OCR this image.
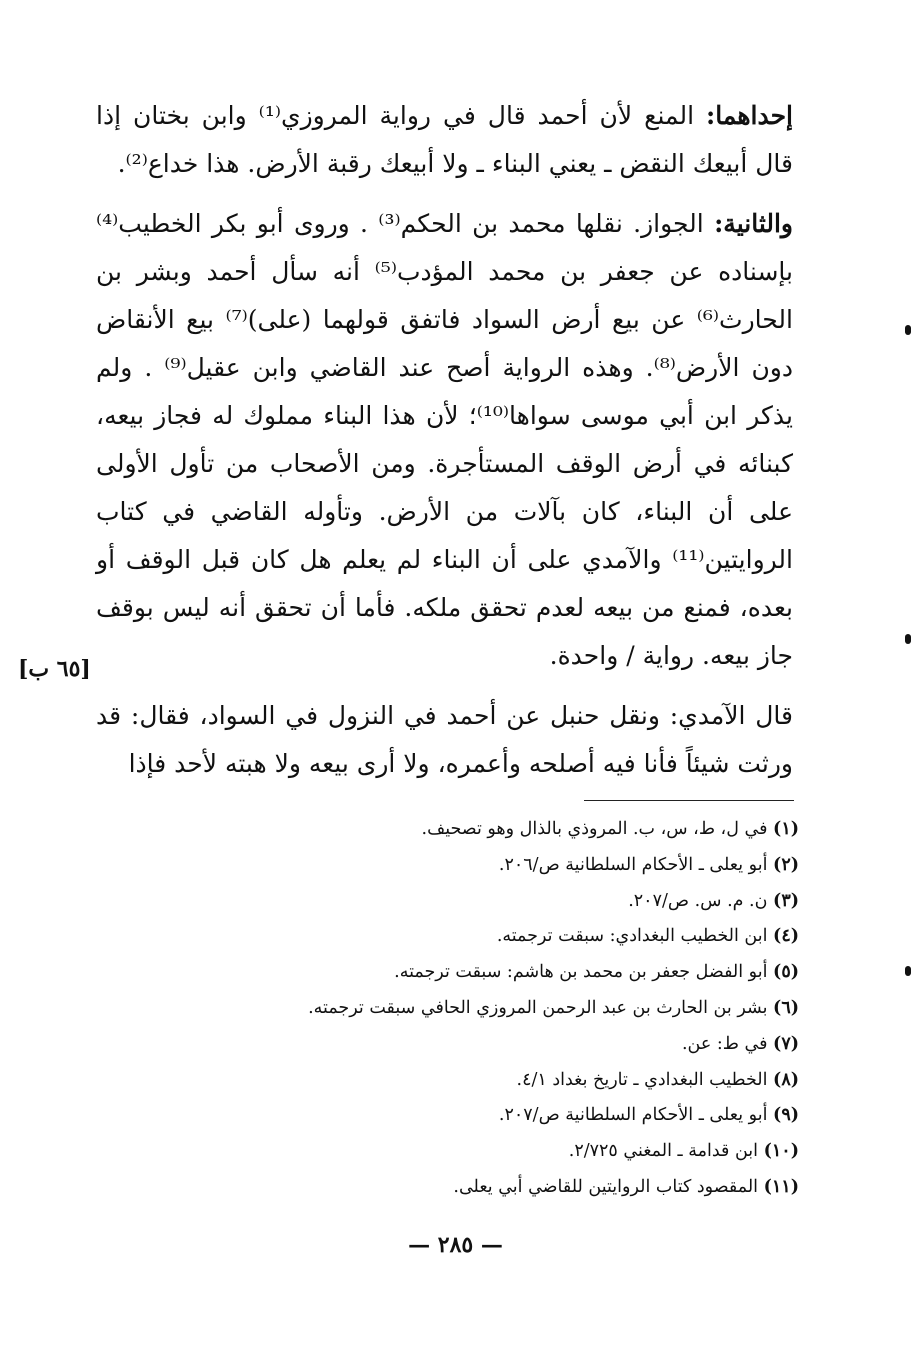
إحداهما: المنع لأن أحمد قال في رواية المروزي⁽¹⁾ وابن بختان إذا قال أبيعك النقض ـ يعني البناء ـ ولا أبيعك رقبة الأرض. هذا خداع⁽²⁾.

والثانية: الجواز. نقلها محمد بن الحكم⁽³⁾ . وروى أبو بكر الخطيب⁽⁴⁾ بإسناده عن جعفر بن محمد المؤدب⁽⁵⁾ أنه سأل أحمد وبشر بن الحارث⁽⁶⁾ عن بيع أرض السواد فاتفق قولهما (على)⁽⁷⁾ بيع الأنقاض دون الأرض⁽⁸⁾. وهذه الرواية أصح عند القاضي وابن عقيل⁽⁹⁾ . ولم يذكر ابن أبي موسى سواها⁽¹⁰⁾؛ لأن هذا البناء مملوك له فجاز بيعه، كبنائه في أرض الوقف المستأجرة. ومن الأصحاب من تأول الأولى على أن البناء، كان بآلات من الأرض. وتأوله القاضي في كتاب الروايتين⁽¹¹⁾ والآمدي على أن البناء لم يعلم هل كان قبل الوقف أو بعده، فمنع من بيعه لعدم تحقق ملكه. فأما أن تحقق أنه ليس بوقف جاز بيعه. رواية / واحدة.

قال الآمدي: ونقل حنبل عن أحمد في النزول في السواد، فقال: قد ورثت شيئاً فأنا فيه أصلحه وأعمره، ولا أرى بيعه ولا هبته لأحد فإذا

[٦٥ ب]
(١) في ل، ط، س، ب. المروذي بالذال وهو تصحيف.
(٢) أبو يعلى ـ الأحكام السلطانية ص/٢٠٦.
(٣) ن. م. س. ص/٢٠٧.
(٤) ابن الخطيب البغدادي: سبقت ترجمته.
(٥) أبو الفضل جعفر بن محمد بن هاشم: سبقت ترجمته.
(٦) بشر بن الحارث بن عبد الرحمن المروزي الحافي سبقت ترجمته.
(٧) في ط: عن.
(٨) الخطيب البغدادي ـ تاريخ بغداد ٤/١.
(٩) أبو يعلى ـ الأحكام السلطانية ص/٢٠٧.
(١٠) ابن قدامة ـ المغني ٢/٧٢٥.
(١١) المقصود كتاب الروايتين للقاضي أبي يعلى.
— ٢٨٥ —
